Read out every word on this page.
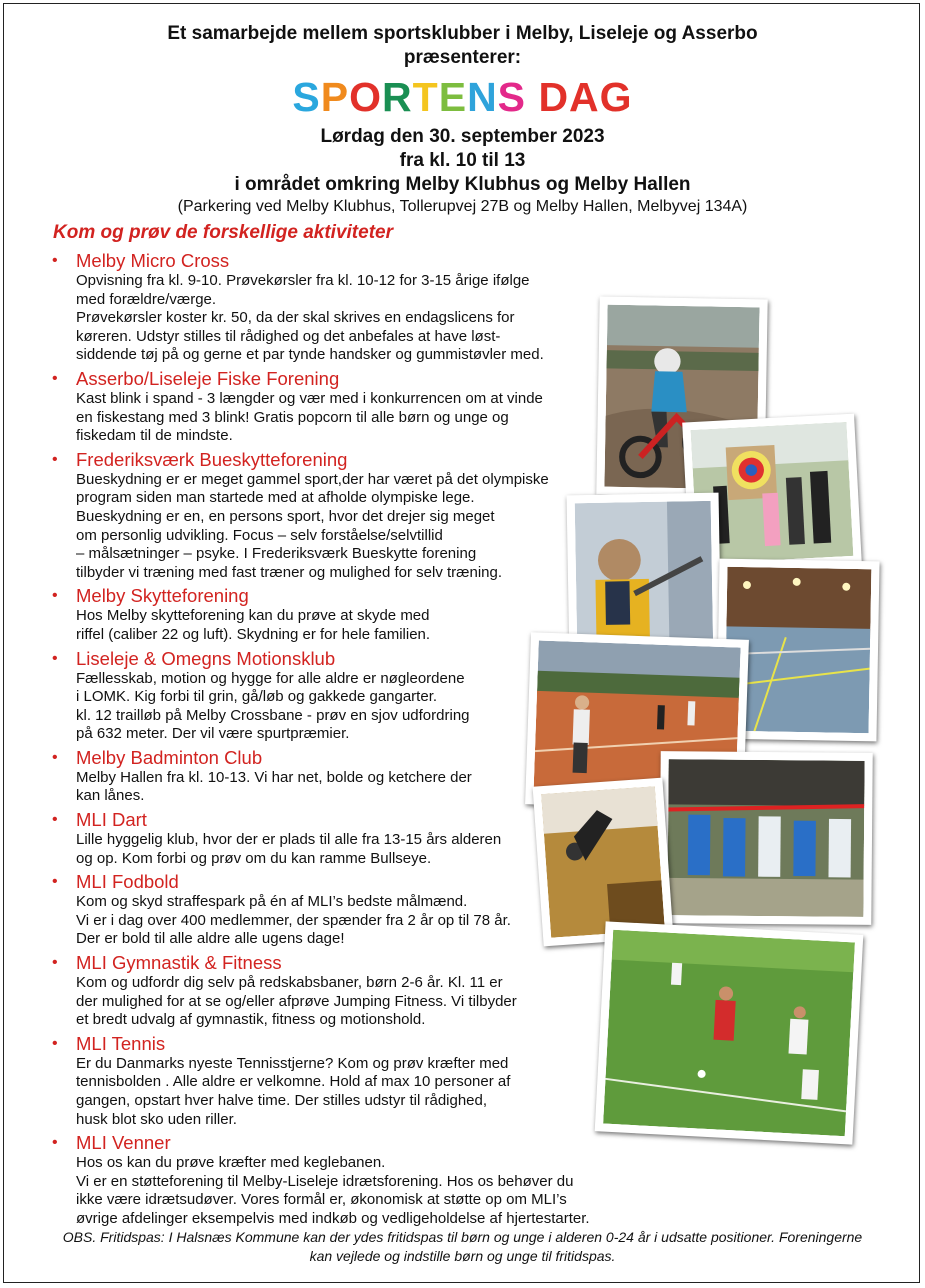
Et samarbejde mellem sportsklubber i Melby, Liseleje og Asserbo

præsenterer:

SPORTENS DAG

Lørdag den 30. september 2023

fra kl. 10 til 13

i området omkring Melby Klubhus og Melby Hallen

(Parkering ved Melby Klubhus, Tollerupvej 27B og Melby Hallen, Melbyvej 134A)

Kom og prøv de forskellige aktiviteter

• Melby Micro Cross
Opvisning fra kl. 9-10. Prøvekørsler fra kl. 10-12 for 3-15 årige ifølge
med forældre/værge.
Prøvekørsler koster kr. 50, da der skal skrives en endagslicens for
køreren. Udstyr stilles til rådighed og det anbefales at have løst-
siddende tøj på og gerne et par tynde handsker og gummistøvler med.
• Asserbo/Liseleje Fiske Forening
Kast blink i spand - 3 længder og vær med i konkurrencen om at vinde
en fiskestang med 3 blink! Gratis popcorn til alle børn og unge og
fiskedam til de mindste.
• Frederiksværk Bueskytteforening
Bueskydning er er meget gammel sport,der har været på det olympiske
program siden man startede med at afholde olympiske lege.
Bueskydning er en, en persons sport, hvor det drejer sig meget
om personlig udvikling. Focus – selv forståelse/selvtillid
– målsætninger – psyke. I Frederiksværk Bueskytte forening
tilbyder vi træning med fast træner og mulighed for selv træning.
• Melby Skytteforening
Hos Melby skytteforening kan du prøve at skyde med
riffel (caliber 22 og luft). Skydning er for hele familien.
• Liseleje & Omegns Motionsklub
Fællesskab, motion og hygge for alle aldre er nøgleordene
i LOMK. Kig forbi til grin, gå/løb og gakkede gangarter.
kl. 12 trailløb på Melby Crossbane - prøv en sjov udfordring
på 632 meter. Der vil være spurtpræmier.
• Melby Badminton Club
Melby Hallen fra kl. 10-13. Vi har net, bolde og ketchere der
kan lånes.
• MLI Dart
Lille hyggelig klub, hvor der er plads til alle fra 13-15 års alderen
og op. Kom forbi og prøv om du kan ramme Bullseye.
• MLI Fodbold
Kom og skyd straffespark på én af MLI’s bedste målmænd.
Vi er i dag over 400 medlemmer, der spænder fra 2 år op til 78 år.
Der er bold til alle aldre alle ugens dage!
• MLI Gymnastik & Fitness
Kom og udfordr dig selv på redskabsbaner, børn 2-6 år. Kl. 11 er
der mulighed for at se og/eller afprøve Jumping Fitness. Vi tilbyder
et bredt udvalg af gymnastik, fitness og motionshold.
• MLI Tennis
Er du Danmarks nyeste Tennisstjerne? Kom og prøv kræfter med
tennisbolden . Alle aldre er velkomne. Hold af max 10 personer af
gangen, opstart hver halve time. Der stilles udstyr til rådighed,
husk blot sko uden riller.
• MLI Venner
Hos os kan du prøve kræfter med keglebanen.
Vi er en støtteforening til Melby-Liseleje idrætsforening. Hos os behøver du
ikke være idrætsudøver. Vores formål er, økonomisk at støtte op om MLI’s
øvrige afdelinger eksempelvis med indkøb og vedligeholdelse af hjertestarter.
OBS. Fritidspas: I Halsnæs Kommune kan der ydes fritidspas til børn og unge i alderen 0-24 år i udsatte positioner. Foreningerne
kan vejlede og indstille børn og unge til fritidspas.
